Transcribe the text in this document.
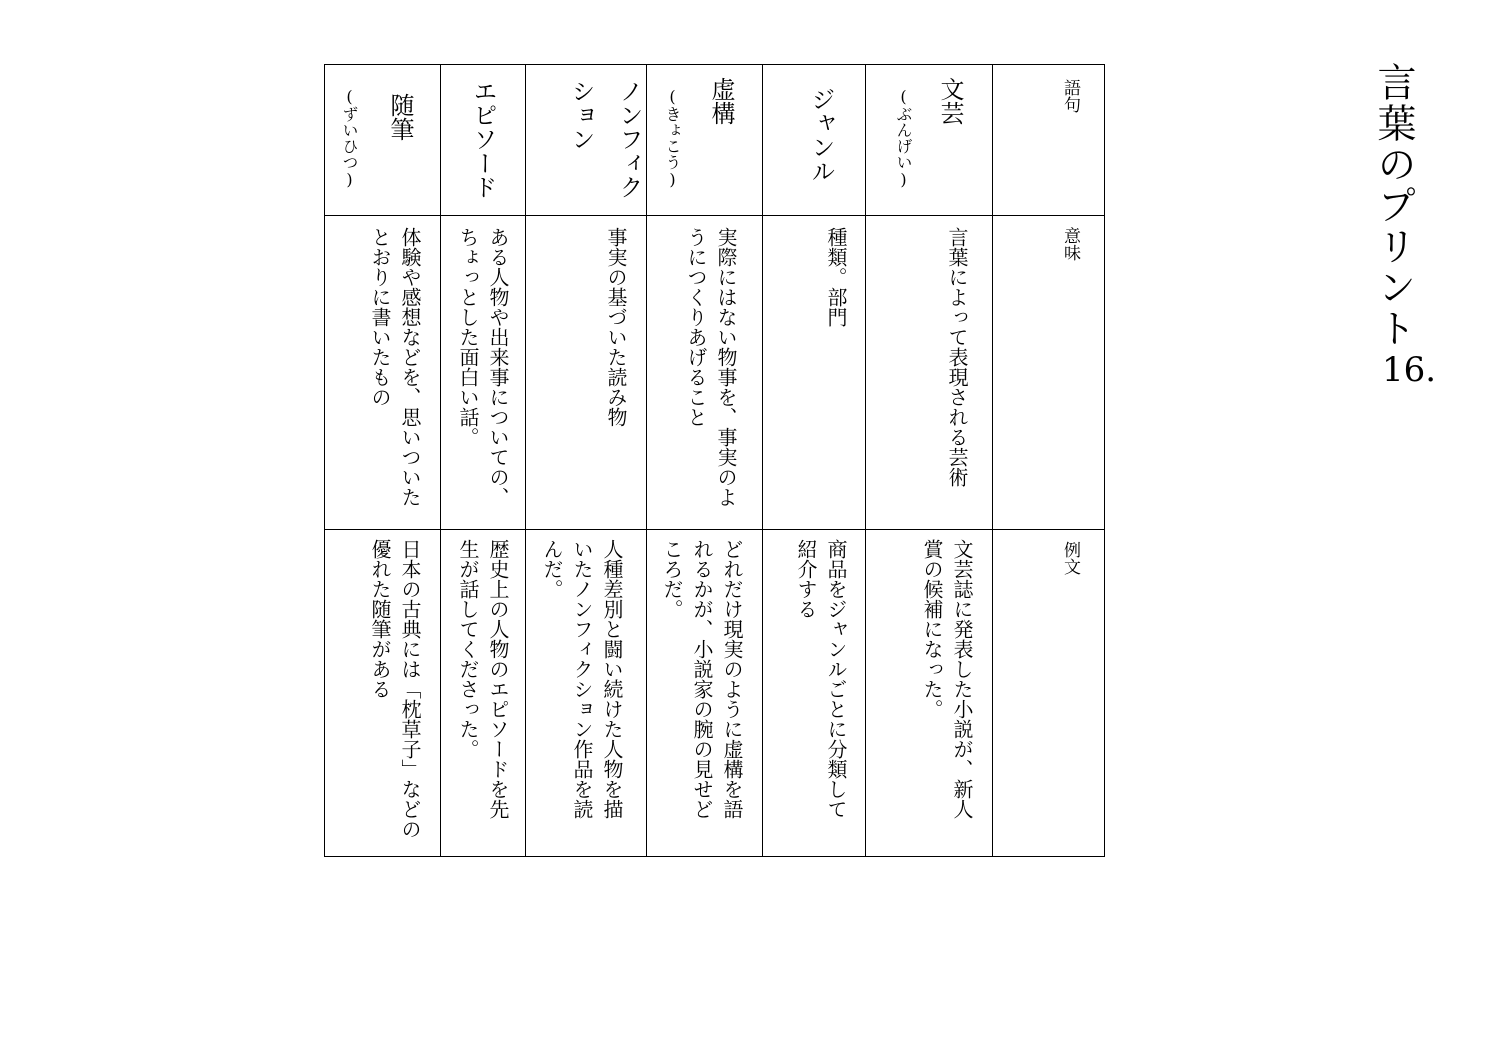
言葉のプリント
16.
語句
意味
例文
文芸
(ぶんげい)
言葉によって表現される芸術
文芸誌に発表した小説が、新人
賞の候補になった。
ジャンル
種類。部門
商品をジャンルごとに分類して
紹介する
虚構
(きょこう)
実際にはない物事を、事実のよ
うにつくりあげること
どれだけ現実のように虚構を語
れるかが、小説家の腕の見せど
ころだ。
ノンフィク
ション
事実の基づいた読み物
人種差別と闘い続けた人物を描
いたノンフィクション作品を読
んだ。
エピソード
ある人物や出来事についての、
ちょっとした面白い話。
歴史上の人物のエピソードを先
生が話してくださった。
随筆
(ずいひつ)
体験や感想などを、思いついた
とおりに書いたもの
日本の古典には「枕草子」などの
優れた随筆がある
